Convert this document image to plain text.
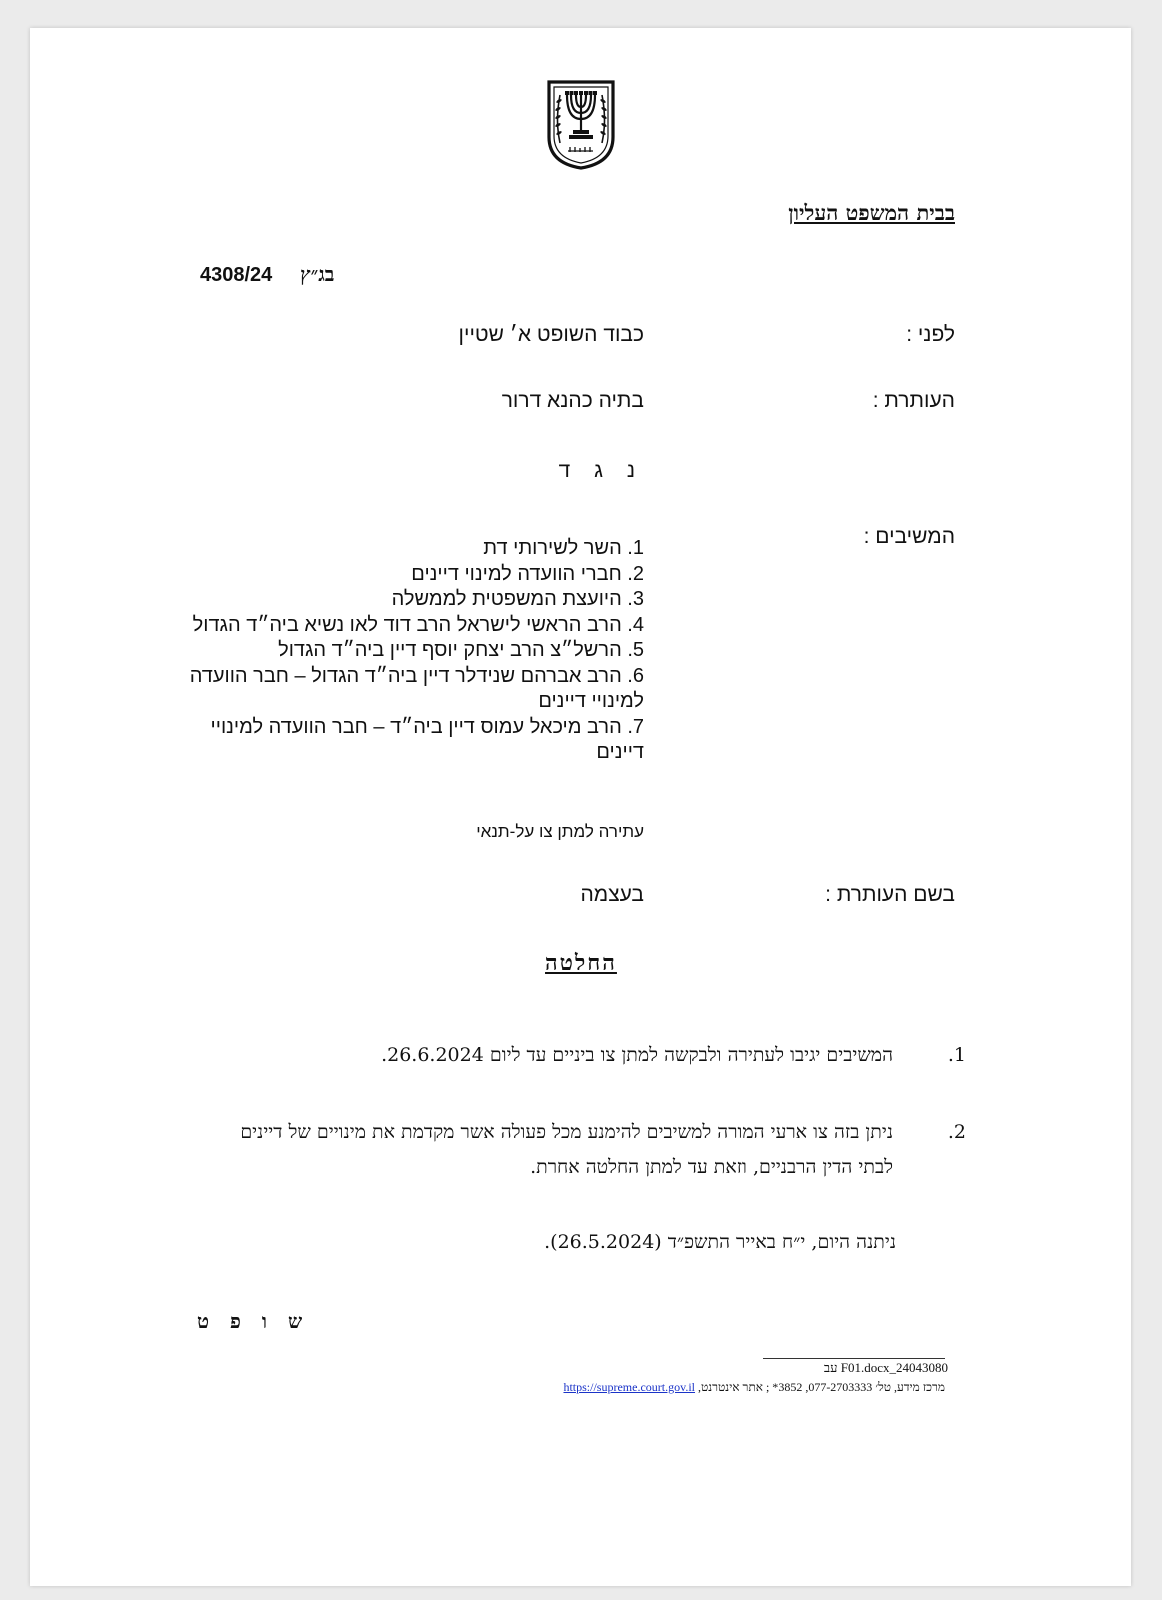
בבית המשפט העליון
4308/24 בג״ץ
לפני :
כבוד השופט א׳ שטיין
העותרת :
בתיה כהנא דרור
נ ג ד
המשיבים :
1. השר לשירותי דת
2. חברי הוועדה למינוי דיינים
3. היועצת המשפטית לממשלה
4. הרב הראשי לישראל הרב דוד לאו נשיא ביה״ד הגדול
5. הרשל״צ הרב יצחק יוסף דיין ביה״ד הגדול
6. הרב אברהם שנידלר דיין ביה״ד הגדול – חבר הוועדה למינויי דיינים
7. הרב מיכאל עמוס דיין ביה״ד – חבר הוועדה למינויי דיינים
עתירה למתן צו על-תנאי
בשם העותרת :
בעצמה
החלטה
1.
המשיבים יגיבו לעתירה ולבקשה למתן צו ביניים עד ליום 26.6.2024.
2.
ניתן בזה צו ארעי המורה למשיבים להימנע מכל פעולה אשר מקדמת את מינויים של דיינים לבתי הדין הרבניים, וזאת עד למתן החלטה אחרת.
ניתנה היום, י״ח באייר התשפ״ד (26.5.2024).
ש ו פ ט
24043080_F01.docx עב
מרכז מידע, טל׳ 077-2703333, 3852* ; אתר אינטרנט, https://supreme.court.gov.il
